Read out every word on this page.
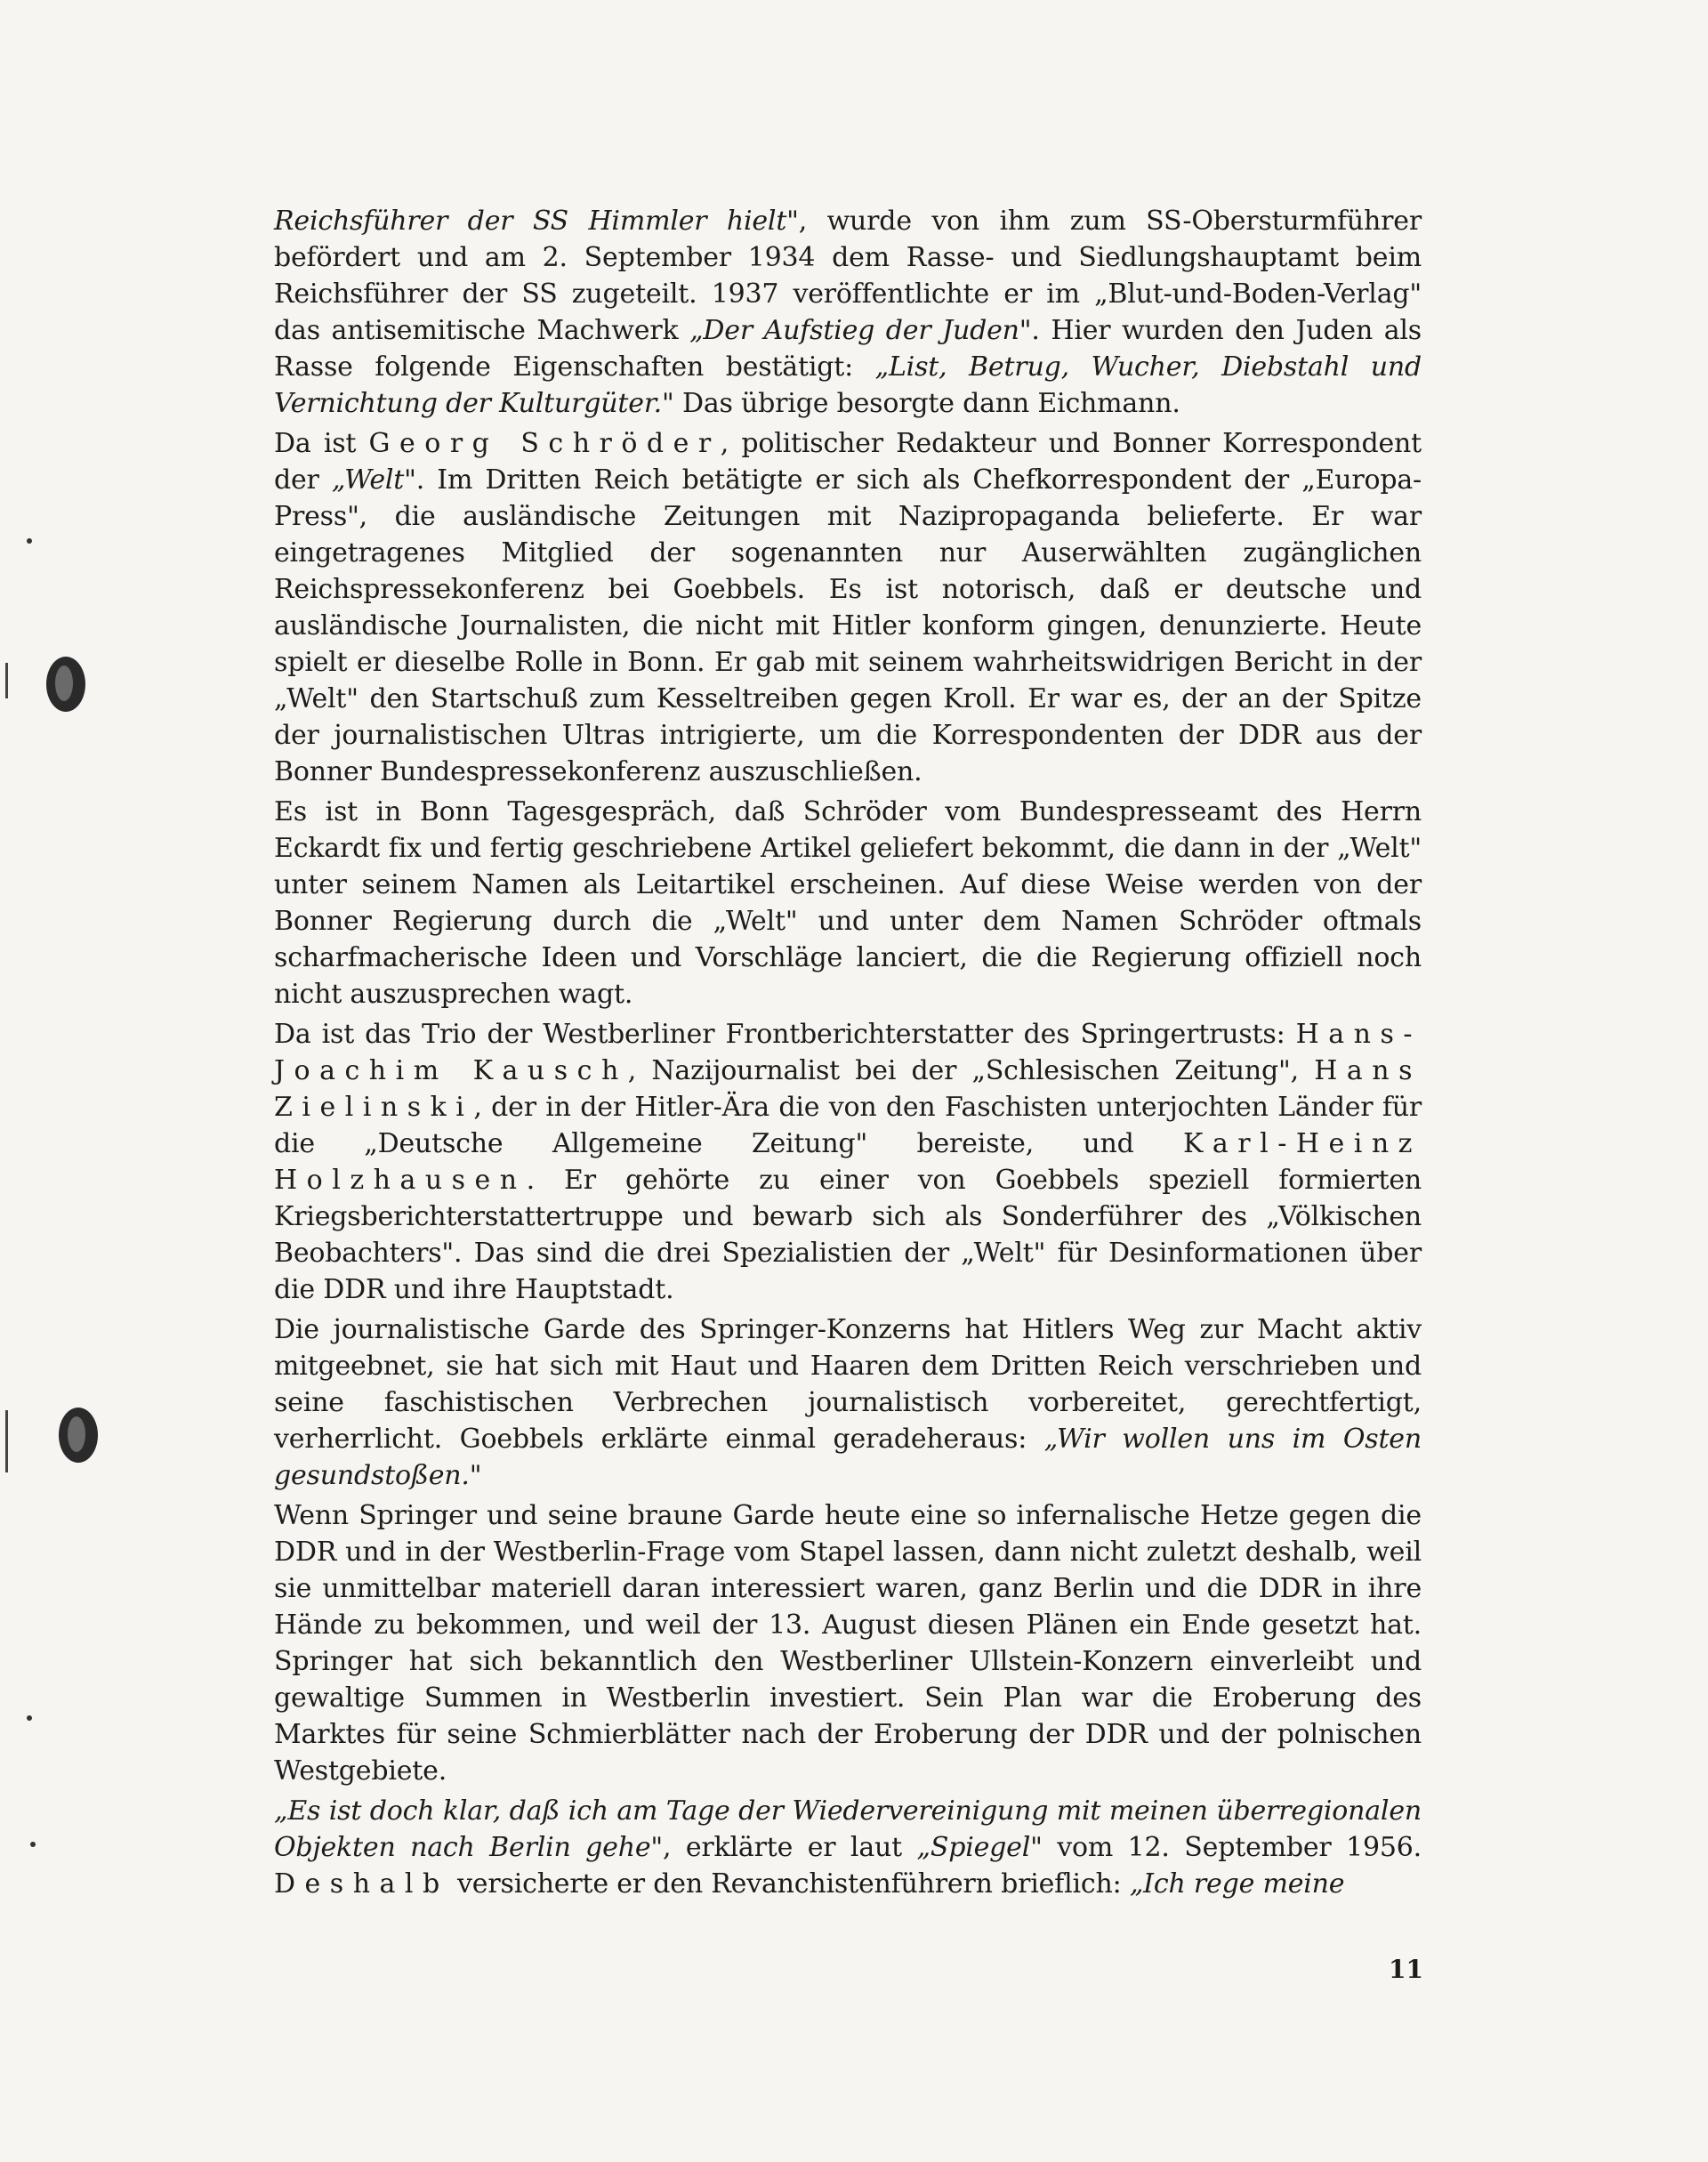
Reichsführer der SS Himmler hielt", wurde von ihm zum SS-Obersturmführer befördert und am 2. September 1934 dem Rasse- und Siedlungshauptamt beim Reichsführer der SS zugeteilt. 1937 veröffentlichte er im „Blut-und-Boden-Verlag" das antisemitische Machwerk „Der Aufstieg der Juden". Hier wurden den Juden als Rasse folgende Eigenschaften bestätigt: „List, Betrug, Wucher, Diebstahl und Vernichtung der Kulturgüter." Das übrige besorgte dann Eichmann.

Da ist Georg Schröder, politischer Redakteur und Bonner Korrespondent der „Welt". Im Dritten Reich betätigte er sich als Chefkorrespondent der „Europa-Press", die ausländische Zeitungen mit Nazipropaganda belieferte. Er war eingetragenes Mitglied der sogenannten nur Auserwählten zugänglichen Reichspressekonferenz bei Goebbels. Es ist notorisch, daß er deutsche und ausländische Journalisten, die nicht mit Hitler konform gingen, denunzierte. Heute spielt er dieselbe Rolle in Bonn. Er gab mit seinem wahrheitswidrigen Bericht in der „Welt" den Startschuß zum Kesseltreiben gegen Kroll. Er war es, der an der Spitze der journalistischen Ultras intrigierte, um die Korrespondenten der DDR aus der Bonner Bundespressekonferenz auszuschließen.

Es ist in Bonn Tagesgespräch, daß Schröder vom Bundespresseamt des Herrn Eckardt fix und fertig geschriebene Artikel geliefert bekommt, die dann in der „Welt" unter seinem Namen als Leitartikel erscheinen. Auf diese Weise werden von der Bonner Regierung durch die „Welt" und unter dem Namen Schröder oftmals scharfmacherische Ideen und Vorschläge lanciert, die die Regierung offiziell noch nicht auszusprechen wagt.

Da ist das Trio der Westberliner Frontberichterstatter des Springertrusts: Hans-Joachim Kausch, Nazijournalist bei der „Schlesischen Zeitung", Hans Zielinski, der in der Hitler-Ära die von den Faschisten unterjochten Länder für die „Deutsche Allgemeine Zeitung" bereiste, und Karl-Heinz Holzhausen. Er gehörte zu einer von Goebbels speziell formierten Kriegsberichterstattertruppe und bewarb sich als Sonderführer des „Völkischen Beobachters". Das sind die drei Spezialistien der „Welt" für Desinformationen über die DDR und ihre Hauptstadt.

Die journalistische Garde des Springer-Konzerns hat Hitlers Weg zur Macht aktiv mitgeebnet, sie hat sich mit Haut und Haaren dem Dritten Reich verschrieben und seine faschistischen Verbrechen journalistisch vorbereitet, gerechtfertigt, verherrlicht. Goebbels erklärte einmal geradeheraus: „Wir wollen uns im Osten gesundstoßen."

Wenn Springer und seine braune Garde heute eine so infernalische Hetze gegen die DDR und in der Westberlin-Frage vom Stapel lassen, dann nicht zuletzt deshalb, weil sie unmittelbar materiell daran interessiert waren, ganz Berlin und die DDR in ihre Hände zu bekommen, und weil der 13. August diesen Plänen ein Ende gesetzt hat. Springer hat sich bekanntlich den Westberliner Ullstein-Konzern einverleibt und gewaltige Summen in Westberlin investiert. Sein Plan war die Eroberung des Marktes für seine Schmierblätter nach der Eroberung der DDR und der polnischen Westgebiete.

„Es ist doch klar, daß ich am Tage der Wiedervereinigung mit meinen überregionalen Objekten nach Berlin gehe", erklärte er laut „Spiegel" vom 12. September 1956. Deshalb versicherte er den Revanchistenführern brieflich: „Ich rege meine

11
